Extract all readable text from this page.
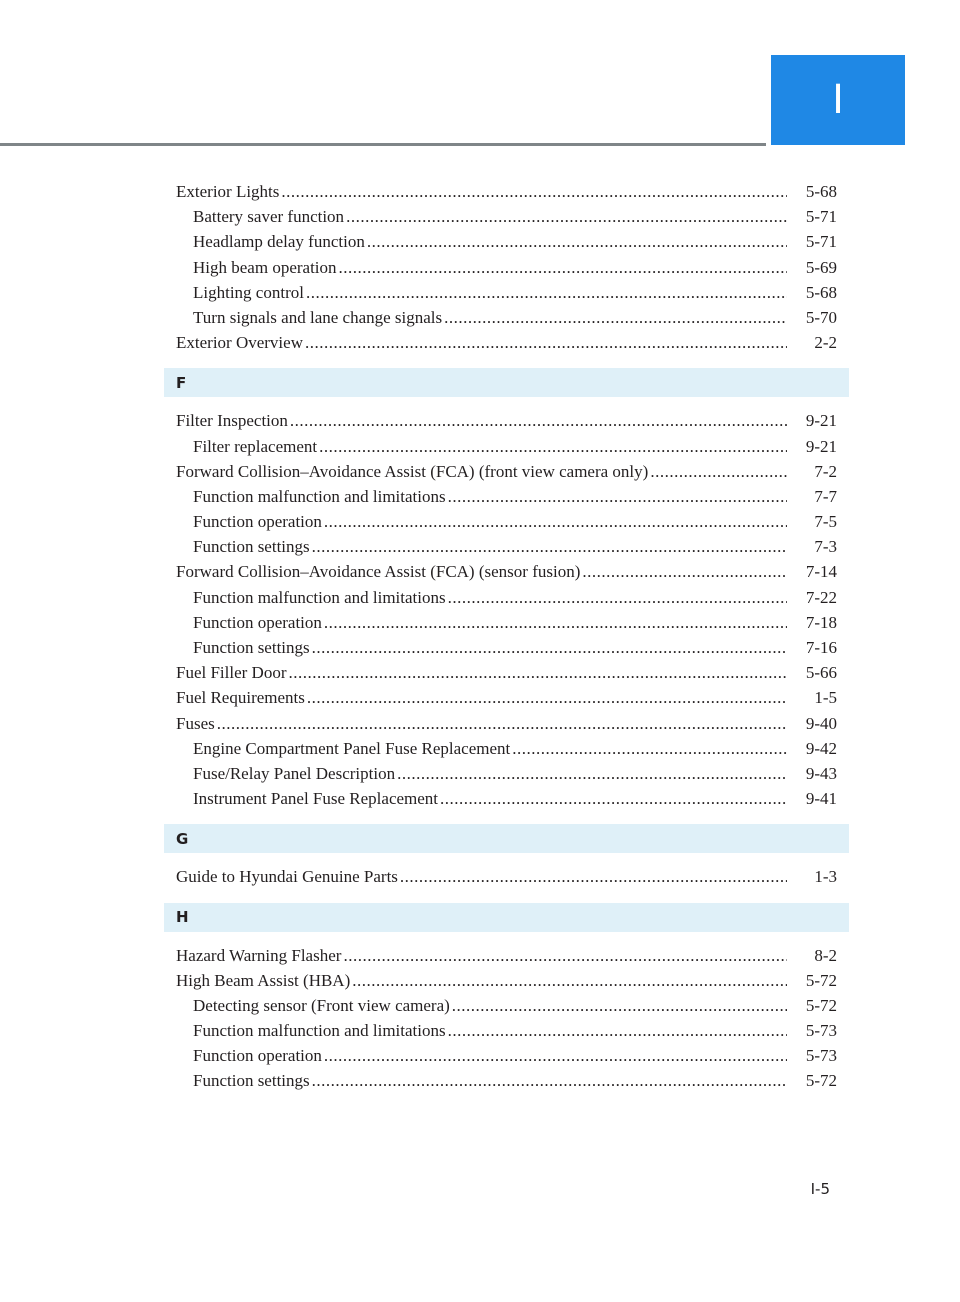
I
Exterior Lights .....	5-68
Battery saver function .....	5-71
Headlamp delay function .....	5-71
High beam operation .....	5-69
Lighting control .....	5-68
Turn signals and lane change signals .....	5-70
Exterior Overview .....	2-2
F
Filter Inspection .....	9-21
Filter replacement .....	9-21
Forward Collision–Avoidance Assist (FCA) (front view camera only) .....	7-2
Function malfunction and limitations .....	7-7
Function operation .....	7-5
Function settings .....	7-3
Forward Collision–Avoidance Assist (FCA) (sensor fusion) .....	7-14
Function malfunction and limitations .....	7-22
Function operation .....	7-18
Function settings .....	7-16
Fuel Filler Door .....	5-66
Fuel Requirements .....	1-5
Fuses .....	9-40
Engine Compartment Panel Fuse Replacement .....	9-42
Fuse/Relay Panel Description .....	9-43
Instrument Panel Fuse Replacement .....	9-41
G
Guide to Hyundai Genuine Parts .....	1-3
H
Hazard Warning Flasher .....	8-2
High Beam Assist (HBA) .....	5-72
Detecting sensor (Front view camera) .....	5-72
Function malfunction and limitations .....	5-73
Function operation .....	5-73
Function settings .....	5-72
I-5
